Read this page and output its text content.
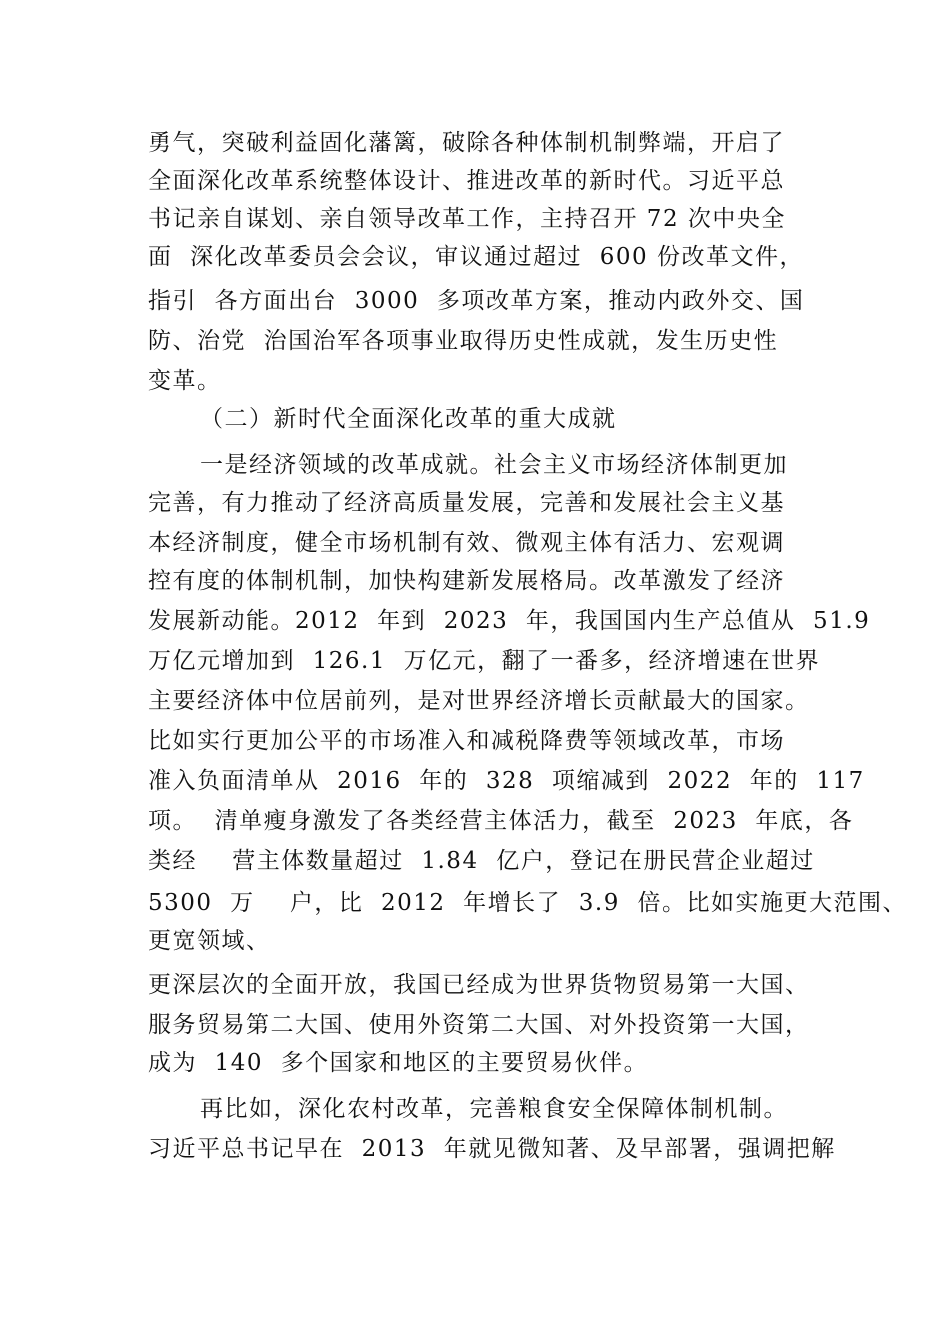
勇气，突破利益固化藩篱，破除各种体制机制弊端，开启了

全面深化改革系统整体设计、推进改革的新时代。习近平总

书记亲自谋划、亲自领导改革工作，主持召开 72 次中央全

面  深化改革委员会会议，审议通过超过  600 份改革文件，

指引  各方面出台  3000  多项改革方案，推动内政外交、国

防、治党  治国治军各项事业取得历史性成就，发生历史性

变革。

（二）新时代全面深化改革的重大成就

一是经济领域的改革成就。社会主义市场经济体制更加

完善，有力推动了经济高质量发展，完善和发展社会主义基

本经济制度，健全市场机制有效、微观主体有活力、宏观调

控有度的体制机制，加快构建新发展格局。改革激发了经济

发展新动能。2012  年到  2023  年，我国国内生产总值从  51.9

万亿元增加到  126.1  万亿元，翻了一番多，经济增速在世界

主要经济体中位居前列，是对世界经济增长贡献最大的国家。

比如实行更加公平的市场准入和减税降费等领域改革，市场

准入负面清单从  2016  年的  328  项缩减到  2022  年的  117

项。  清单瘦身激发了各类经营主体活力，截至  2023  年底，各

类经    营主体数量超过  1.84  亿户，登记在册民营企业超过

5300  万    户，比  2012  年增长了  3.9  倍。比如实施更大范围、

更宽领域、

更深层次的全面开放，我国已经成为世界货物贸易第一大国、

服务贸易第二大国、使用外资第二大国、对外投资第一大国，

成为  140  多个国家和地区的主要贸易伙伴。

再比如，深化农村改革，完善粮食安全保障体制机制。

习近平总书记早在  2013  年就见微知著、及早部署，强调把解
